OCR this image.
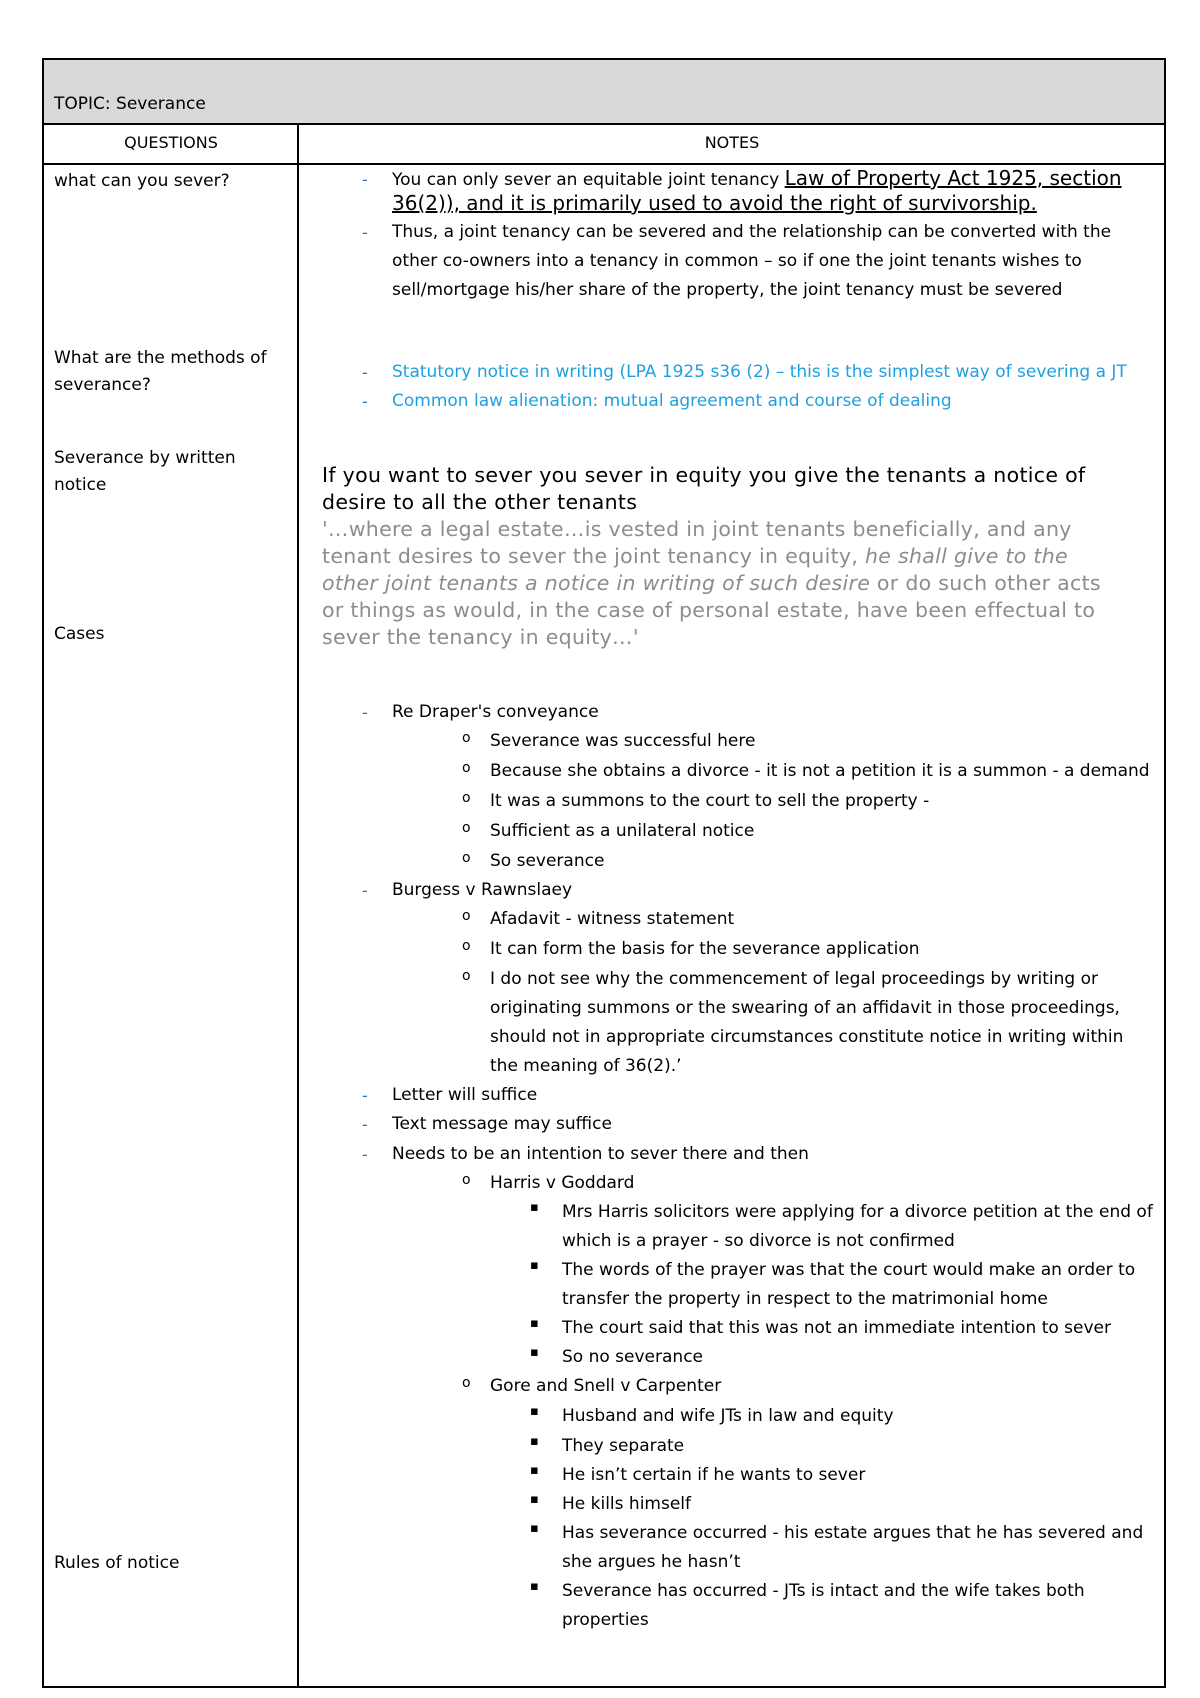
TOPIC: Severance
QUESTIONS	NOTES
what can you sever?
What are the methods of severance?
Severance by written notice
Cases
Rules of notice
- You can only sever an equitable joint tenancy Law of Property Act 1925, section
36(2)), and it is primarily used to avoid the right of survivorship.
- Thus, a joint tenancy can be severed and the relationship can be converted with the
other co-owners into a tenancy in common – so if one the joint tenants wishes to
sell/mortgage his/her share of the property, the joint tenancy must be severed
- Statutory notice in writing (LPA 1925 s36 (2) – this is the simplest way of severing a JT
- Common law alienation: mutual agreement and course of dealing
If you want to sever you sever in equity you give the tenants a notice of
desire to all the other tenants
'…where a legal estate…is vested in joint tenants beneficially, and any
tenant desires to sever the joint tenancy in equity, he shall give to the
other joint tenants a notice in writing of such desire or do such other acts
or things as would, in the case of personal estate, have been effectual to
sever the tenancy in equity…'
- Re Draper's conveyance
o Severance was successful here
o Because she obtains a divorce - it is not a petition it is a summon - a demand
o It was a summons to the court to sell the property -
o Sufficient as a unilateral notice
o So severance
- Burgess v Rawnslaey
o Afadavit - witness statement
o It can form the basis for the severance application
o I do not see why the commencement of legal proceedings by writing or
originating summons or the swearing of an affidavit in those proceedings,
should not in appropriate circumstances constitute notice in writing within
the meaning of 36(2).’
- Letter will suffice
- Text message may suffice
- Needs to be an intention to sever there and then
o Harris v Goddard
▪ Mrs Harris solicitors were applying for a divorce petition at the end of
which is a prayer - so divorce is not confirmed
▪ The words of the prayer was that the court would make an order to
transfer the property in respect to the matrimonial home
▪ The court said that this was not an immediate intention to sever
▪ So no severance
o Gore and Snell v Carpenter
▪ Husband and wife JTs in law and equity
▪ They separate
▪ He isn’t certain if he wants to sever
▪ He kills himself
▪ Has severance occurred - his estate argues that he has severed and
she argues he hasn’t
▪ Severance has occurred - JTs is intact and the wife takes both
properties
